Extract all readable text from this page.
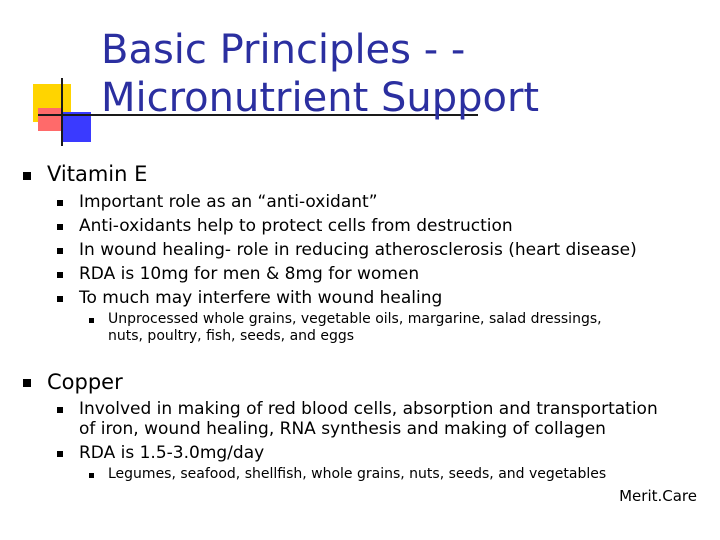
Basic Principles - -
Micronutrient Support
Vitamin E
Important role as an “anti-oxidant”
Anti-oxidants help to protect cells from destruction
In wound healing- role in reducing atherosclerosis (heart disease)
RDA is 10mg for men & 8mg for women
To much may interfere with wound healing
Unprocessed whole grains, vegetable oils, margarine, salad dressings,
nuts, poultry, fish, seeds, and eggs
Copper
Involved in making of red blood cells, absorption and transportation
of iron, wound healing, RNA synthesis and making of collagen
RDA is 1.5-3.0mg/day
Legumes, seafood, shellfish, whole grains, nuts, seeds, and vegetables
Merit.Care
